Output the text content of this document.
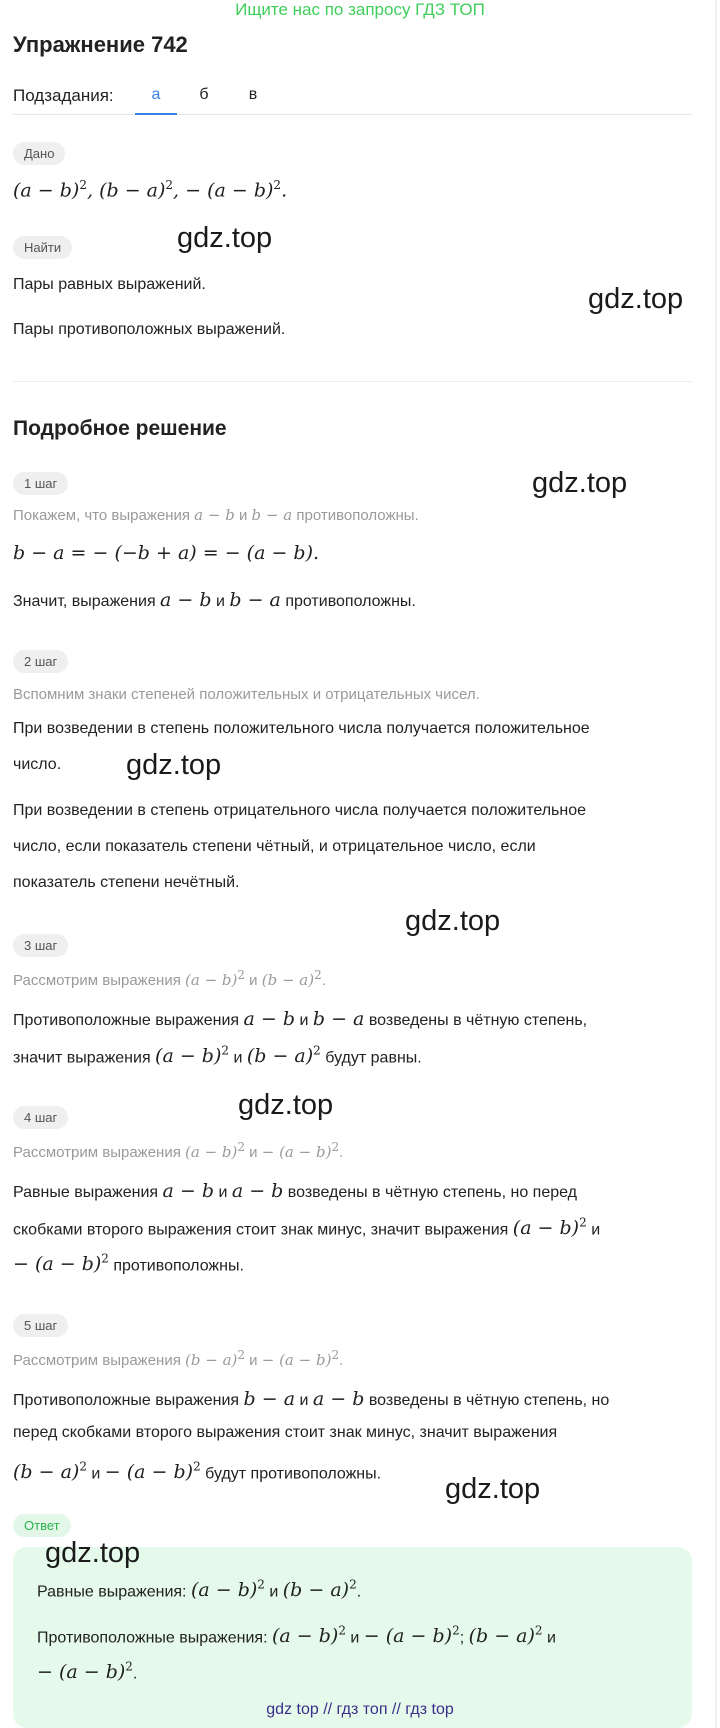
Ищите нас по запросу ГДЗ ТОП
Упражнение 742
Подзадания:	а	б	в
Дано
$(a - b)^2$, $(b - a)^2$, − $(a - b)^2$.
Найти
Пары равных выражений.
Пары противоположных выражений.
Подробное решение
1 шаг
Покажем, что выражения a − b и b − a противоположны.
b − a = − (−b + a) = − (a − b).
Значит, выражения a − b и b − a противоположны.
2 шаг
Вспомним знаки степеней положительных и отрицательных чисел.
При возведении в степень положительного числа получается положительное
число.
При возведении в степень отрицательного числа получается положительное
число, если показатель степени чётный, и отрицательное число, если
показатель степени нечётный.
3 шаг
Рассмотрим выражения $(a - b)^2$ и $(b - a)^2$.
Противоположные выражения a − b и b − a возведены в чётную степень,
значит выражения $(a - b)^2$ и $(b - a)^2$ будут равны.
4 шаг
Рассмотрим выражения $(a - b)^2$ $и - (a - b)^2$.
Равные выражения a − b и a − b возведены в чётную степень, но перед
скобками второго выражения стоит знак минус, значит выражения $(a - b)^2$ и
− $(a - b)^2$ противоположны.
5 шаг
Рассмотрим выражения $(b - a)^2$ $и - (a - b)^2$.
Противоположные выражения b − a и a − b возведены в чётную степень, но
перед скобками второго выражения стоит знак минус, значит выражения
$(b - a)^2$ $и - (a - b)^2$ будут противоположны.
Ответ
Равные выражения: $(a - b)^2$ и $(b - a)^2$.
Противоположные выражения: $(a - b)^2$ $и - (a - b)^2$; $(b - a)^2$ и
− $(a - b)^2$.
gdz.top
gdz.top
gdz.top
gdz.top
gdz.top
gdz.top
gdz.top
gdz.top
gdz top // гдз топ // гдз top
